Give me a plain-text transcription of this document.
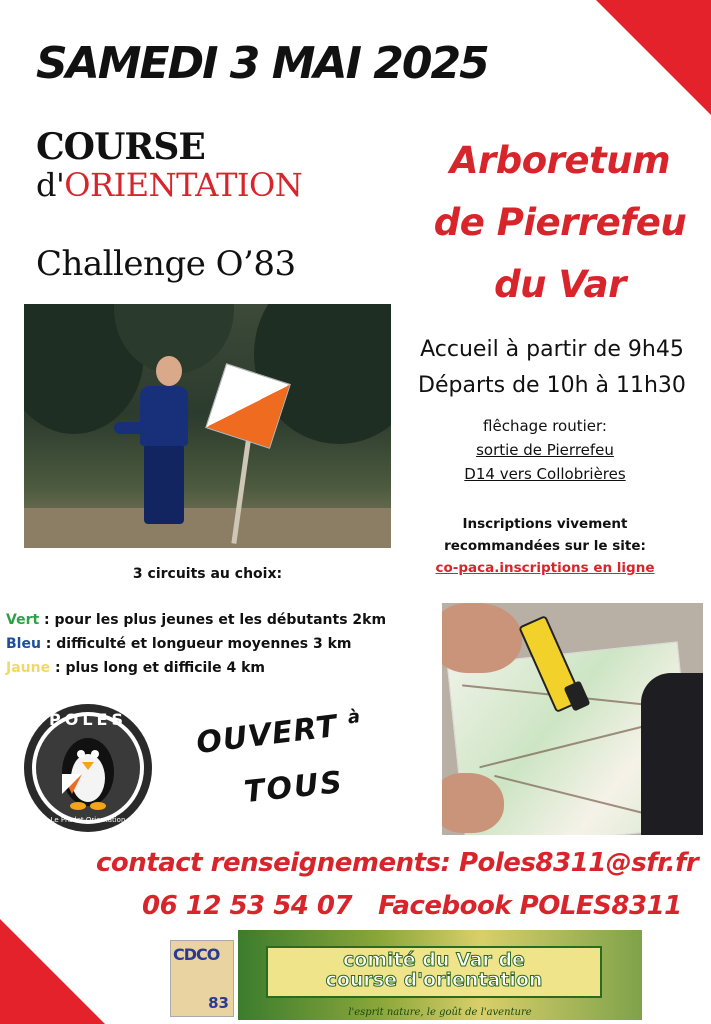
SAMEDI 3 MAI 2025
COURSE
d'ORIENTATION
Challenge O’83
Arboretum
de Pierrefeu
du Var
Accueil à partir de 9h45
Départs de 10h à 11h30
flêchage routier:
sortie de Pierrefeu
D14 vers Collobrières
Inscriptions vivement
recommandées sur le site:
co-paca.inscriptions en ligne
3 circuits au choix:
Vert : pour les plus jeunes et les débutants 2km
Bleu : difficulté et longueur moyennes 3 km
Jaune : plus long et difficile 4 km
POLES
Le Pradet Orientation
OUVERT $^à$
TOUS
contact renseignements: Poles8311@sfr.fr
06 12 53 54 07 Facebook POLES8311
CDCO
83
comité du Var de
course d'orientation
l'esprit nature, le goût de l'aventure
